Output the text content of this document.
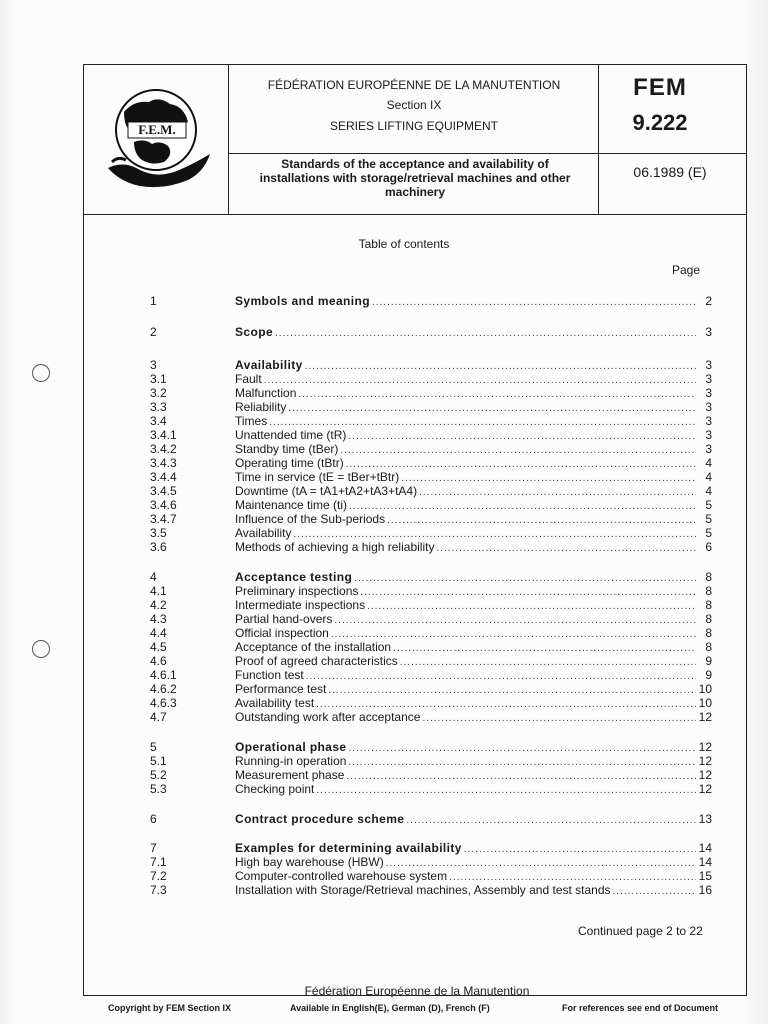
F.E.M.
FÉDÉRATION EUROPÉENNE DE LA MANUTENTION
Section IX
SERIES LIFTING EQUIPMENT
FEM
9.222
Standards of the acceptance and availability of installations with storage/retrieval machines and other machinery
06.1989 (E)
Table of contents
Page
1	Symbols and meaning .....	2
2	Scope .....	3
3	Availability .....	3
3.1	Fault .....	3
3.2	Malfunction .....	3
3.3	Reliability .....	3
3.4	Times .....	3
3.4.1	Unattended time (tR) .....	3
3.4.2	Standby time (tBer) .....	3
3.4.3	Operating time (tBtr) .....	4
3.4.4	Time in service (tE = tBer+tBtr) .....	4
3.4.5	Downtime (tA = tA1+tA2+tA3+tA4) .....	4
3.4.6	Maintenance time (ti) .....	5
3.4.7	Influence of the Sub-periods .....	5
3.5	Availability .....	5
3.6	Methods of achieving a high reliability .....	6
4	Acceptance testing .....	8
4.1	Preliminary inspections .....	8
4.2	Intermediate inspections .....	8
4.3	Partial hand-overs .....	8
4.4	Official inspection .....	8
4.5	Acceptance of the installation .....	8
4.6	Proof of agreed characteristics .....	9
4.6.1	Function test .....	9
4.6.2	Performance test .....	10
4.6.3	Availability test .....	10
4.7	Outstanding work after acceptance .....	12
5	Operational phase .....	12
5.1	Running-in operation .....	12
5.2	Measurement phase .....	12
5.3	Checking point .....	12
6	Contract procedure scheme .....	13
7	Examples for determining availability .....	14
7.1	High bay warehouse (HBW) .....	14
7.2	Computer-controlled warehouse system .....	15
7.3	Installation with Storage/Retrieval machines, Assembly and test stands .....	16
Continued page 2 to 22
Fédération Européenne de la Manutention
Copyright by FEM Section IX	Available in English(E), German (D), French (F)	For references see end of Document
